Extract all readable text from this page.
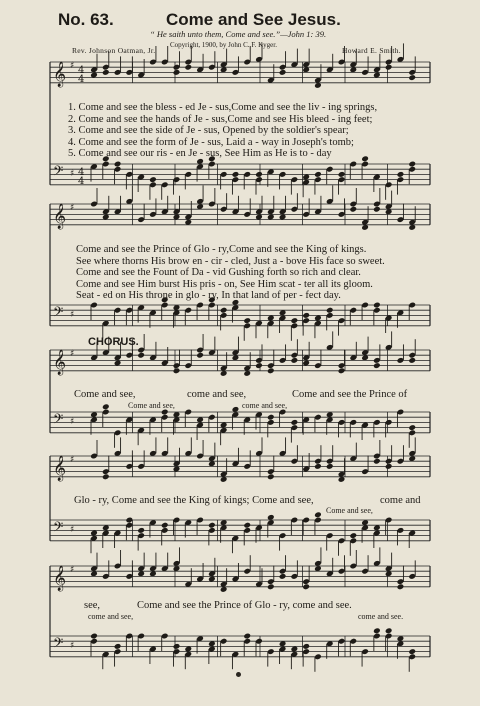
No. 63.	Come and See Jesus.
“ He saith unto them, Come and see.”—John 1: 39.
Copyright, 1900, by John C. F. Kyger.
Rev. Johnson Oatman, Jr.	Howard E. Smith.
𝄞
𝄢
♯
♯
4
4
4
4
𝄞
𝄢
♯
♯
𝄞
𝄢
♯
♯
𝄞
𝄢
♯
♯
𝄞
𝄢
♯
♯
1. Come and see the bless - ed Je - sus,Come and see the liv - ing springs,
2. Come and see the hands of Je - sus,Come and see His bleed - ing feet;
3. Come and see the side of Je - sus, Opened by the soldier's spear;
4. Come and see the form of Je - sus, Laid a - way in Joseph's tomb;
5. Come and see our ris - en Je - sus, See Him as He is to - day
Come and see the Prince of Glo - ry,Come and see the King of kings.
See where thorns His brow en - cir - cled, Just a - bove His face so sweet.
Come and see the Fount of Da - vid Gushing forth so rich and clear.
Come and see Him burst His pris - on, See Him scat - ter all its gloom.
Seat - ed on His throne in glo - ry, In that land of per - fect day.
CHORUS.
Come and see,	come and see,	Come and see the Prince of
Come and see,	come and see,
Glo - ry, Come and see the King of kings; Come and see,	come and
Come and see,
see,	Come and see the Prince of Glo - ry, come and see.
come and see,	come and see.
